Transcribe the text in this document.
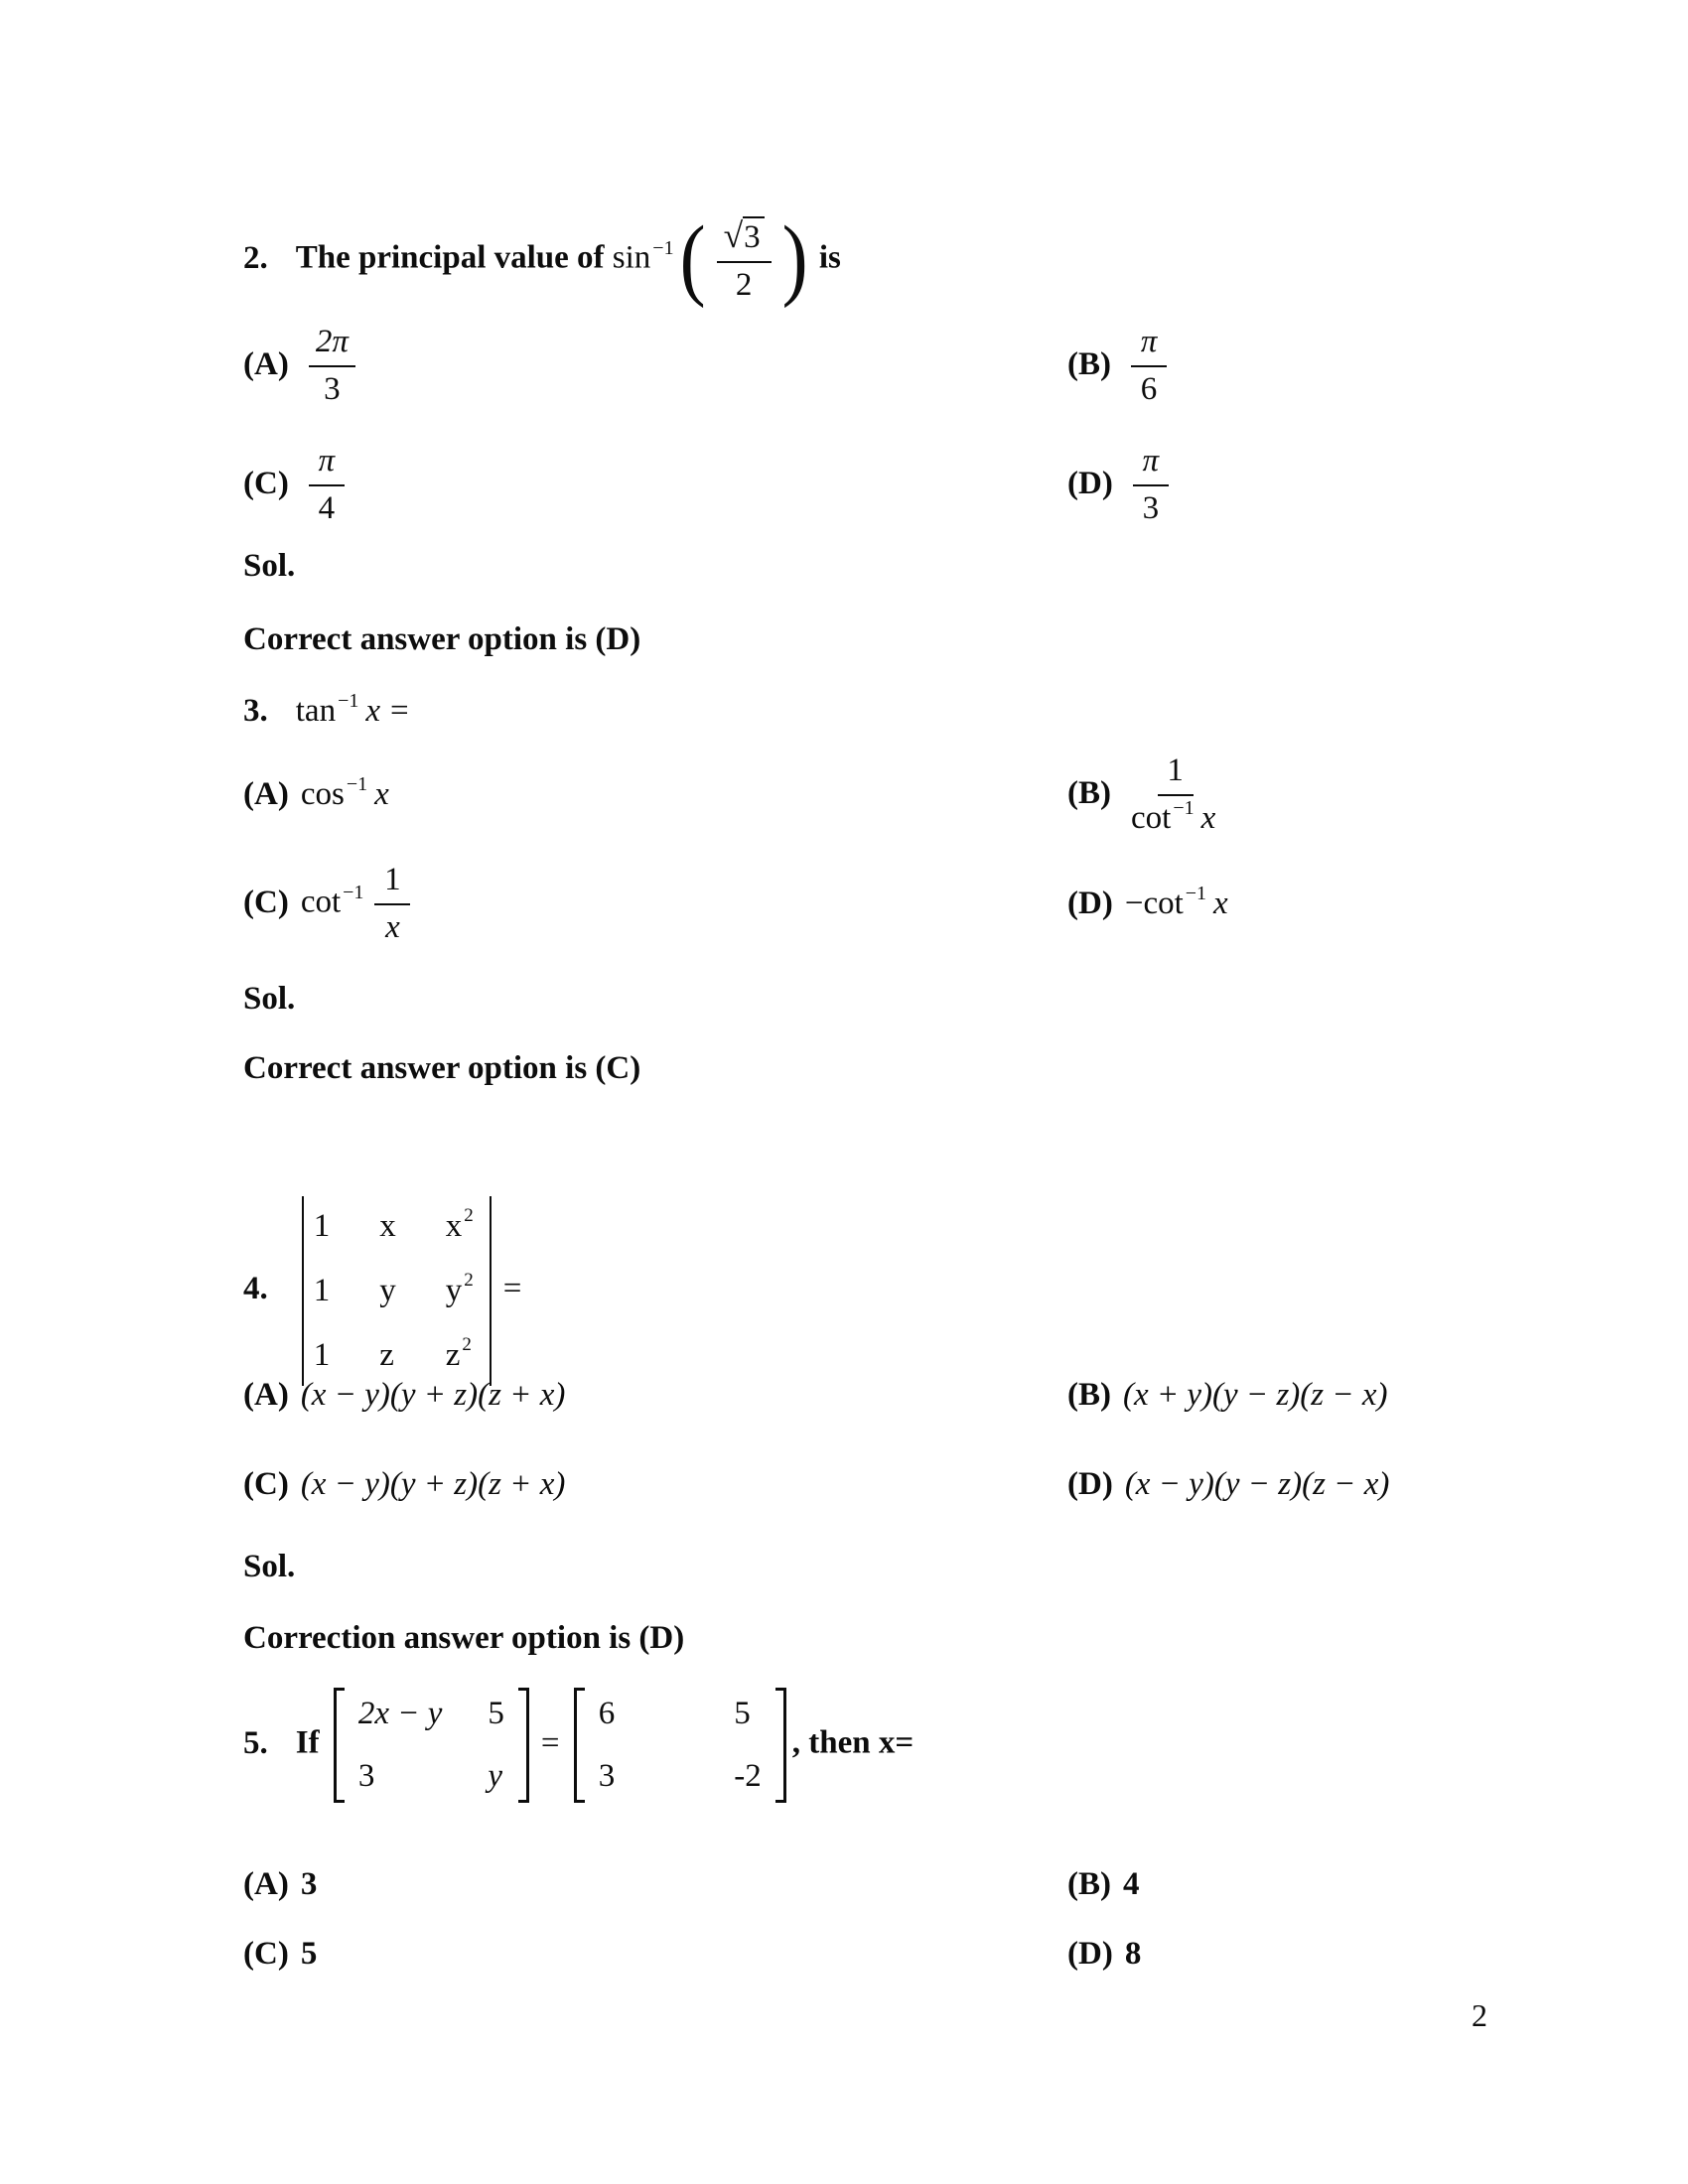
2. The principal value of $\sin ^{-1}( \frac{√3}{2}$ ) is
$(A) \frac{2\pi}{3}$	$(B) \frac{\pi}{6}$
$(C) \frac{\pi}{4}$	$(D) \frac{\pi}{3}$
Sol.
Correct answer option is (D)
3. tan $^{-1}$ x =
(A) cos $^{-1}$ x	$(B) \frac{1}{\cot ^{-1} x}$
(C) $\cot ^{-1} \frac{1}{x}$	(D) −cot $^{-1}$ x
Sol.
Correct answer option is (C)
4.
1 x x $^2$
1 y y $^2$
1 z z $^2$
=
(A) (x − y)(y + z)(z + x)	(B) (x + y)(y − z)(z − x)
(C) (x − y)(y + z)(z + x)	(D) (x − y)(y − z)(z − x)
Sol.
Correction answer option is (D)
5. If
2x − y 5
3	y
=
6	5
3	-2
, then x=
(A) 3	(B) 4
(C) 5	(D) 8
2
